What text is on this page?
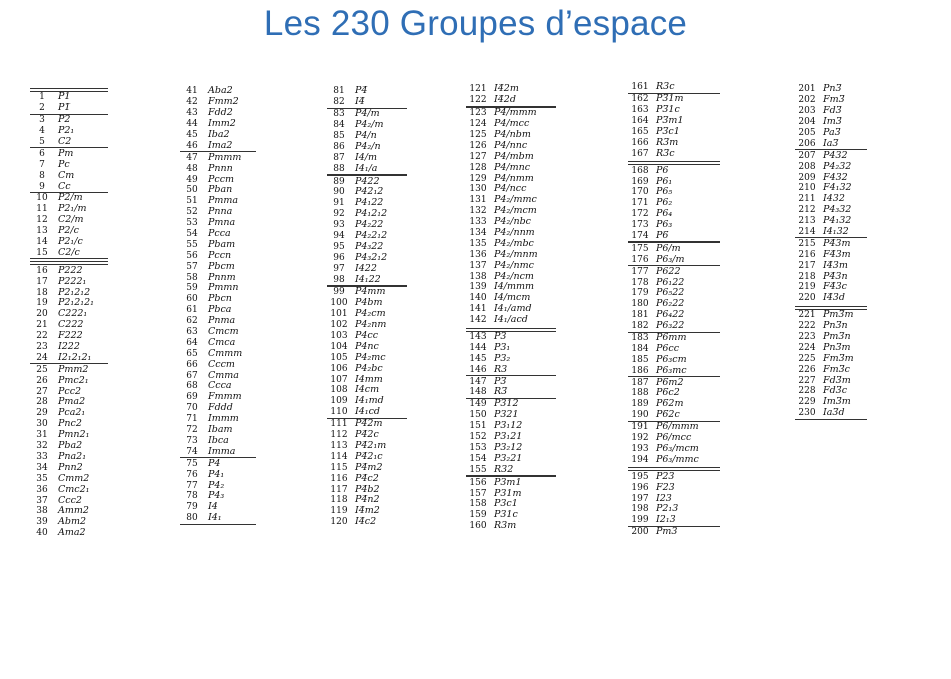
Les 230 Groupes d’espace
1	P1
2	P1̅
3	P2
4	P2₁
5	C2
6	Pm
7	Pc
8	Cm
9	Cc
10	P2/m
11	P2₁/m
12	C2/m
13	P2/c
14	P2₁/c
15	C2/c
16	P222
17	P222₁
18	P2₁2₁2
19	P2₁2₁2₁
20	C222₁
21	C222
22	F222
23	I222
24	I2₁2₁2₁
25	Pmm2
26	Pmc2₁
27	Pcc2
28	Pma2
29	Pca2₁
30	Pnc2
31	Pmn2₁
32	Pba2
33	Pna2₁
34	Pnn2
35	Cmm2
36	Cmc2₁
37	Ccc2
38	Amm2
39	Abm2
40	Ama2
41	Aba2
42	Fmm2
43	Fdd2
44	Imm2
45	Iba2
46	Ima2
47	Pmmm
48	Pnnn
49	Pccm
50	Pban
51	Pmma
52	Pnna
53	Pmna
54	Pcca
55	Pbam
56	Pccn
57	Pbcm
58	Pnnm
59	Pmmn
60	Pbcn
61	Pbca
62	Pnma
63	Cmcm
64	Cmca
65	Cmmm
66	Cccm
67	Cmma
68	Ccca
69	Fmmm
70	Fddd
71	Immm
72	Ibam
73	Ibca
74	Imma
75	P4
76	P4₁
77	P4₂
78	P4₃
79	I4
80	I4₁
81	P4̅
82	I4̅
83	P4/m
84	P4₂/m
85	P4/n
86	P4₂/n
87	I4/m
88	I4₁/a
89	P422
90	P42₁2
91	P4₁22
92	P4₁2₁2
93	P4₂22
94	P4₂2₁2
95	P4₃22
96	P4₃2₁2
97	I422
98	I4₁22
99	P4mm
100 P4bm
101 P4₂cm
102 P4₂nm
103 P4cc
104 P4nc
105 P4₂mc
106 P4₂bc
107 I4mm
108 I4cm
109 I4₁md
110 I4₁cd
111 P4̅2m
112 P4̅2c
113 P4̅2₁m
114 P4̅2₁c
115 P4̅m2
116 P4̅c2
117 P4̅b2
118 P4̅n2
119 I4̅m2
120 I4̅c2
121 I4̅2m
122 I4̅2d
123 P4/mmm
124 P4/mcc
125 P4/nbm
126 P4/nnc
127 P4/mbm
128 P4/mnc
129 P4/nmm
130 P4/ncc
131 P4₂/mmc
132 P4₂/mcm
133 P4₂/nbc
134 P4₂/nnm
135 P4₂/mbc
136 P4₂/mnm
137 P4₂/nmc
138 P4₂/ncm
139 I4/mmm
140 I4/mcm
141 I4₁/amd
142 I4₁/acd
143 P3
144 P3₁
145 P3₂
146 R3
147 P3̅
148 R3̅
149 P312
150 P321
151 P3₁12
152 P3₁21
153 P3₂12
154 P3₂21
155 R32
156 P3m1
157 P31m
158 P3c1
159 P31c
160 R3m
161 R3c
162 P3̅1m
163 P3̅1c
164 P3̅m1
165 P3̅c1
166 R3̅m
167 R3̅c
168 P6
169 P6₁
170 P6₅
171 P6₂
172 P6₄
173 P6₃
174 P6̅
175 P6/m
176 P6₃/m
177 P622
178 P6₁22
179 P6₅22
180 P6₂22
181 P6₄22
182 P6₃22
183 P6mm
184 P6cc
185 P6₃cm
186 P6₃mc
187 P6̅m2
188 P6̅c2
189 P6̅2m
190 P6̅2c
191 P6/mmm
192 P6/mcc
193 P6₃/mcm
194 P6₃/mmc
195 P23
196 F23
197 I23
198 P2₁3
199 I2₁3
200 Pm3
201 Pn3̅
202 Fm3̅
203 Fd3̅
204 Im3̅
205 Pa3̅
206 Ia3̅
207 P432
208 P4₂32
209 F432
210 F4₁32
211 I432
212 P4₃32
213 P4₁32
214 I4₁32
215 P4̅3m
216 F4̅3m
217 I4̅3m
218 P4̅3n
219 F4̅3c
220 I4̅3d
221 Pm3̅m
222 Pn3̅n
223 Pm3̅n
224 Pn3̅m
225 Fm3̅m
226 Fm3̅c
227 Fd3̅m
228 Fd3̅c
229 Im3̅m
230 Ia3̅d
